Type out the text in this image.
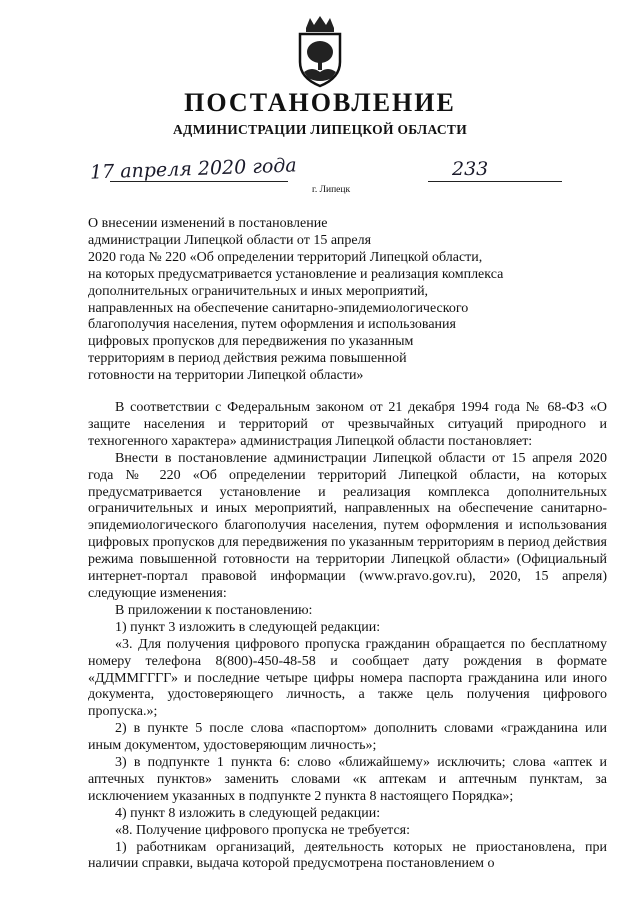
ПОСТАНОВЛЕНИЕ
АДМИНИСТРАЦИИ ЛИПЕЦКОЙ ОБЛАСТИ
17 апреля 2020 года
г. Липецк
233
О внесении изменений в постановление
администрации Липецкой области от 15 апреля
2020 года № 220 «Об определении территорий Липецкой области,
на которых предусматривается установление и реализация комплекса
дополнительных ограничительных и иных мероприятий,
направленных на обеспечение санитарно-эпидемиологического
благополучия населения, путем оформления и использования
цифровых пропусков для передвижения по указанным
территориям в период действия режима повышенной
готовности на территории Липецкой области»

В соответствии с Федеральным законом от 21 декабря 1994 года № 68-ФЗ «О защите населения и территорий от чрезвычайных ситуаций природного и техногенного характера» администрация Липецкой области постановляет:

Внести в постановление администрации Липецкой области от 15 апреля 2020 года № 220 «Об определении территорий Липецкой области, на которых предусматривается установление и реализация комплекса дополнительных ограничительных и иных мероприятий, направленных на обеспечение санитарно-эпидемиологического благополучия населения, путем оформления и использования цифровых пропусков для передвижения по указанным территориям в период действия режима повышенной готовности на территории Липецкой области» (Официальный интернет-портал правовой информации (www.pravo.gov.ru), 2020, 15 апреля) следующие изменения:

В приложении к постановлению:

1) пункт 3 изложить в следующей редакции:

«3. Для получения цифрового пропуска гражданин обращается по бесплатному номеру телефона 8(800)-450-48-58 и сообщает дату рождения в формате «ДДММГГГГ» и последние четыре цифры номера паспорта гражданина или иного документа, удостоверяющего личность, а также цель получения цифрового пропуска.»;

2) в пункте 5 после слова «паспортом» дополнить словами «гражданина или иным документом, удостоверяющим личность»;

3) в подпункте 1 пункта 6: слово «ближайшему» исключить; слова «аптек и аптечных пунктов» заменить словами «к аптекам и аптечным пунктам, за исключением указанных в подпункте 2 пункта 8 настоящего Порядка»;

4) пункт 8 изложить в следующей редакции:

«8. Получение цифрового пропуска не требуется:

1) работникам организаций, деятельность которых не приостановлена, при наличии справки, выдача которой предусмотрена постановлением о
